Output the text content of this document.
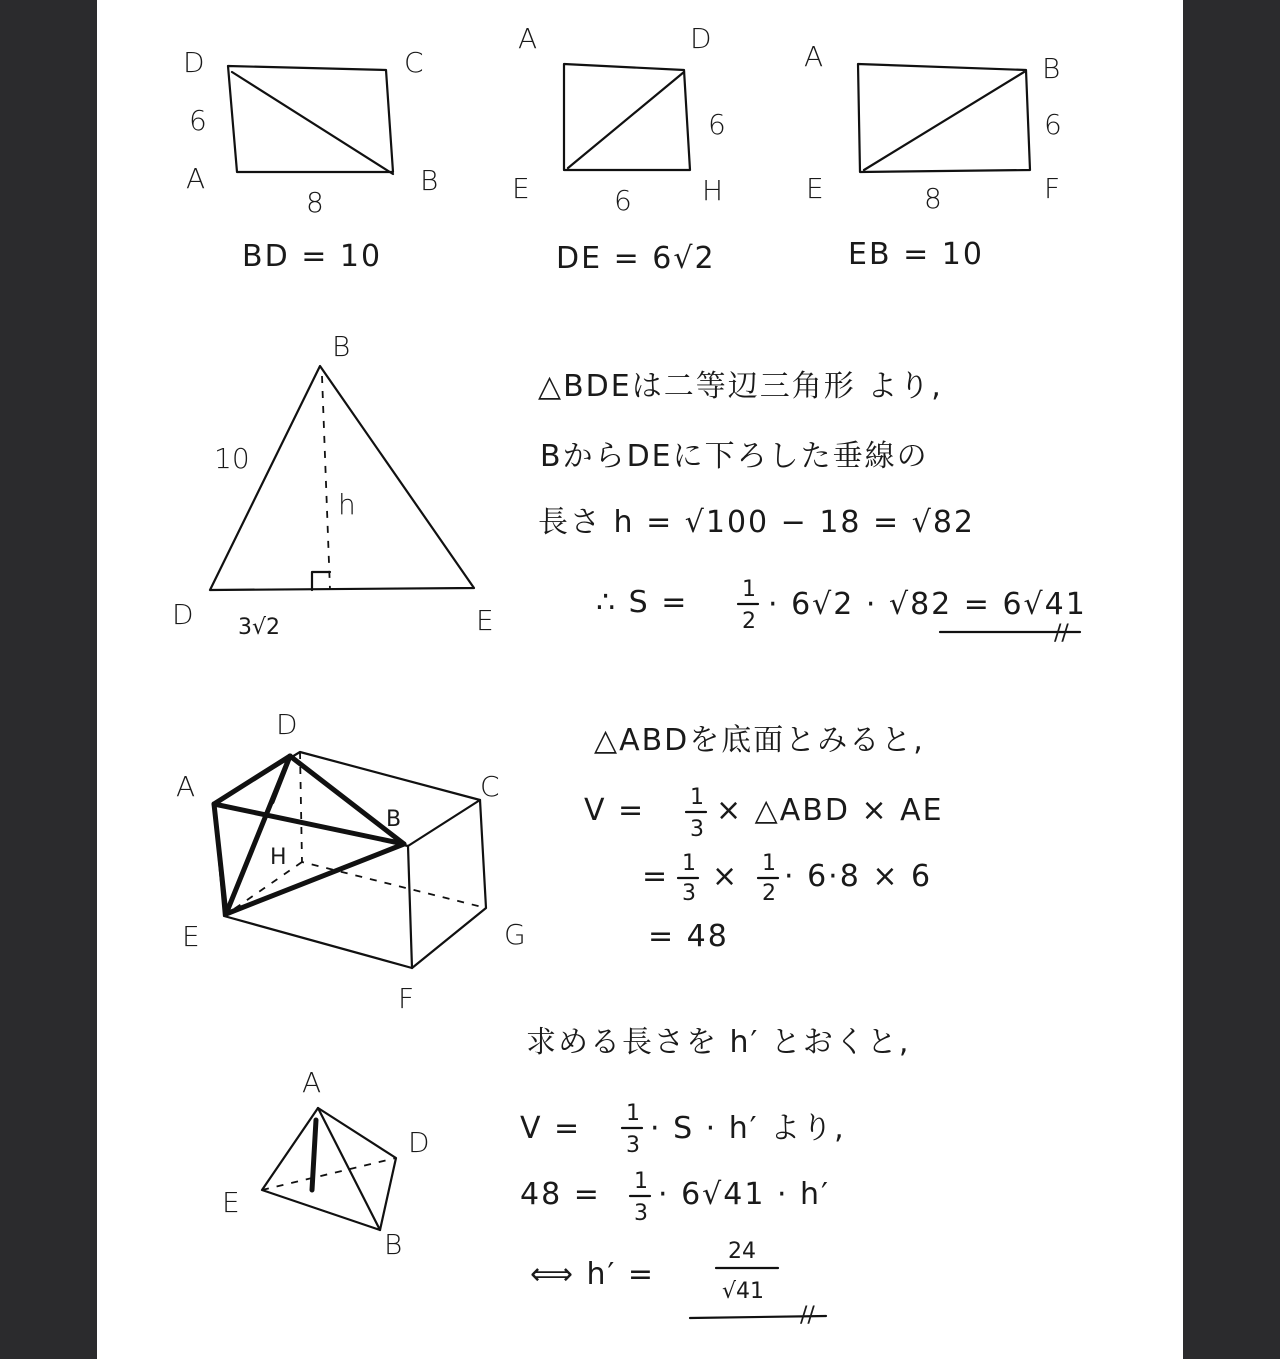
D	C
A	B
6
8
BD = 10
A	D
E	H
6
6
DE = 6√2
A	B
E	F
6
8
EB = 10
B
D	E
10
h
3√2
△BDEは二等辺三角形 より,
BからDEに下ろした垂線の
長さ h = √100 − 18 = √82
∴ S = 1
2 · 6√2 · √82 = 6√41
//
D
A	C
B
H
E	G
F
△ABDを底面とみると,
V = 1
3
× △ABD × AE
= 1
3 × 1
2 · 6·8 × 6
= 48
A
E
D
B
求める長さを h′ とおくと,
V = 1
3 · S · h′ より,
48 = 1
3
· 6√41 · h′
⟺ h′ =
24
√41
//
